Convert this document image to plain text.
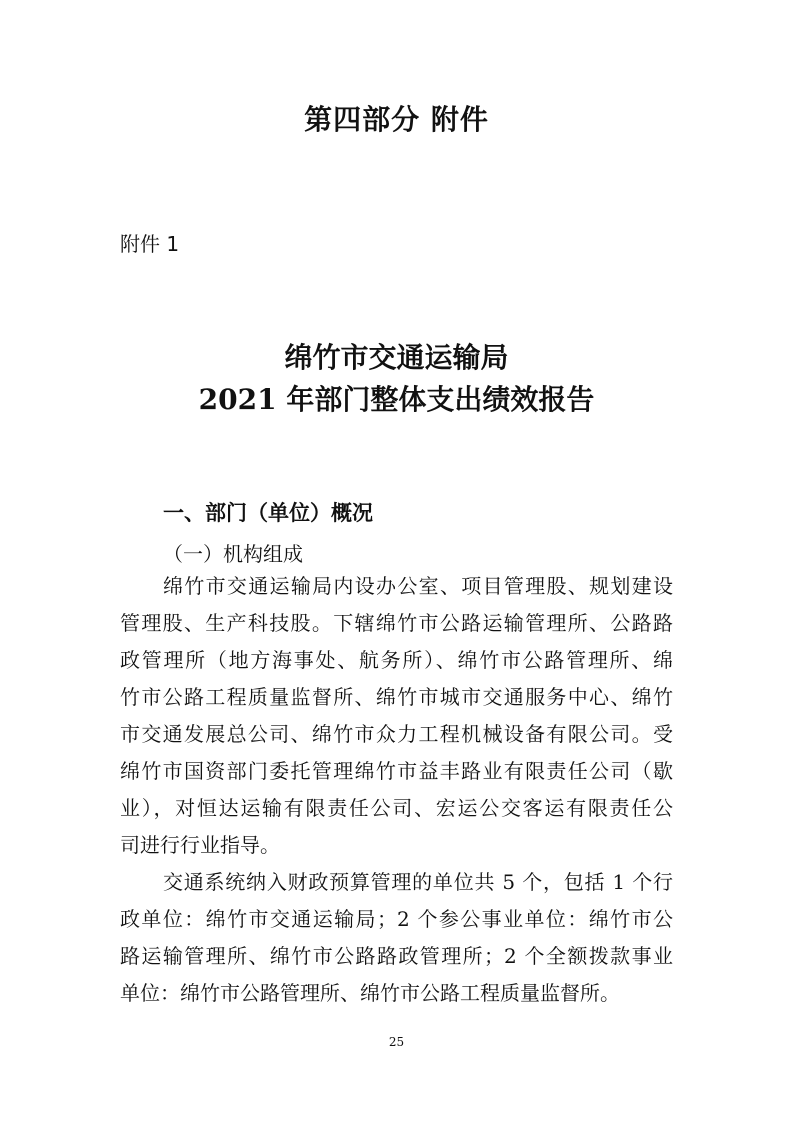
第四部分 附件
附件 1
绵竹市交通运输局
2021 年部门整体支出绩效报告
一、部门（单位）概况
（一）机构组成
绵竹市交通运输局内设办公室、项目管理股、规划建设
管理股、生产科技股。下辖绵竹市公路运输管理所、公路路
政管理所（地方海事处、航务所）、绵竹市公路管理所、绵
竹市公路工程质量监督所、绵竹市城市交通服务中心、绵竹
市交通发展总公司、绵竹市众力工程机械设备有限公司。受
绵竹市国资部门委托管理绵竹市益丰路业有限责任公司（歇
业），对恒达运输有限责任公司、宏运公交客运有限责任公
司进行行业指导。
交通系统纳入财政预算管理的单位共 5 个，包括 1 个行
政单位：绵竹市交通运输局；2 个参公事业单位：绵竹市公
路运输管理所、绵竹市公路路政管理所；2 个全额拨款事业
单位：绵竹市公路管理所、绵竹市公路工程质量监督所。
25
